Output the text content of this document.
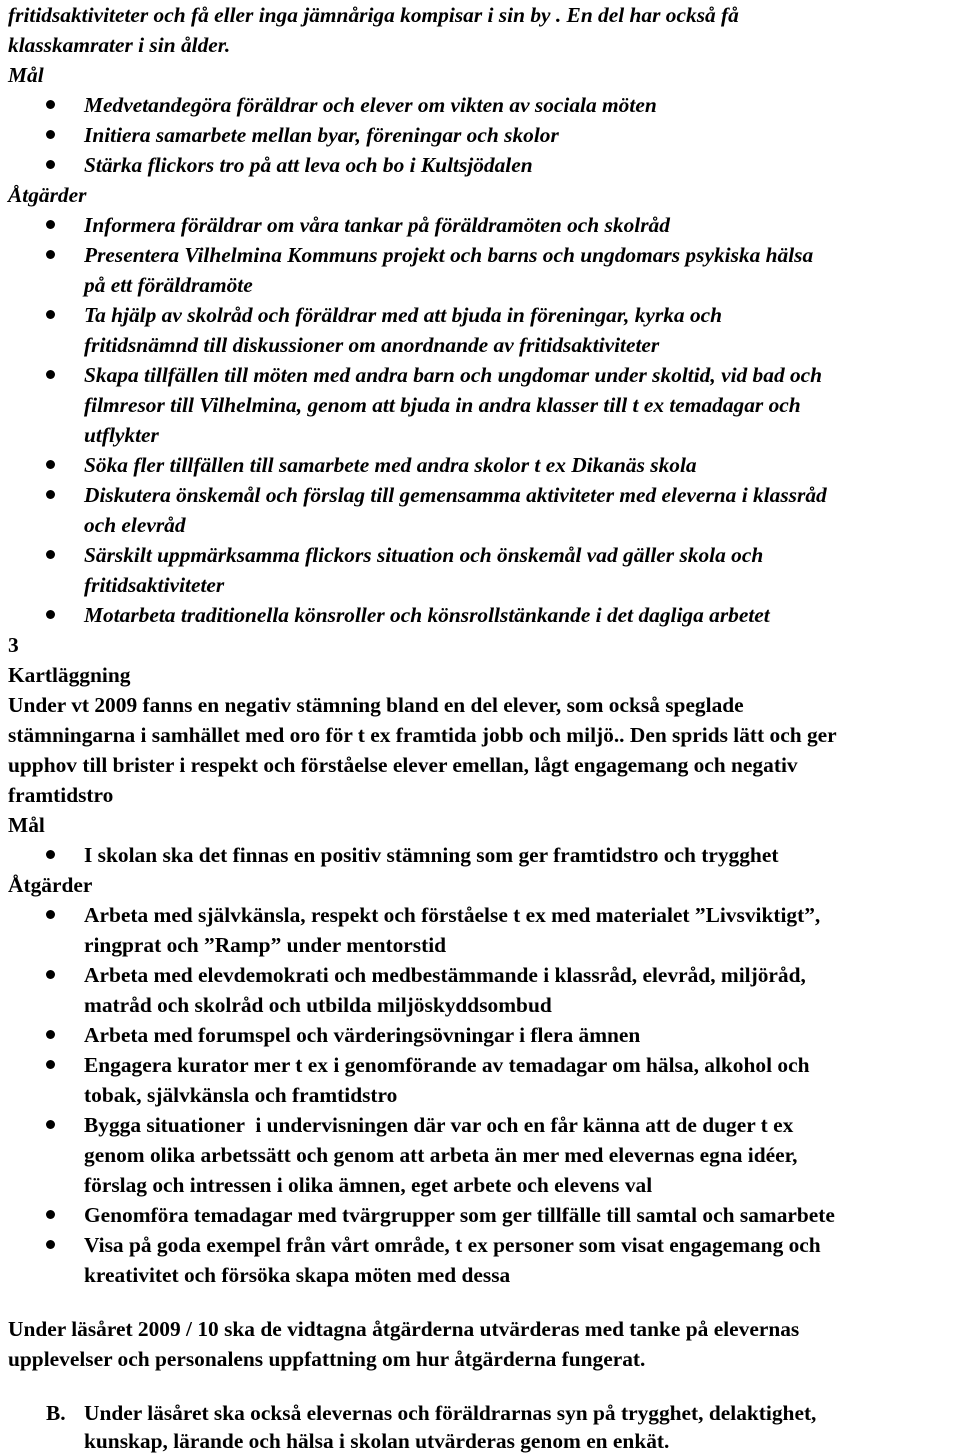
fritidsaktiviteter och få eller inga jämnåriga kompisar i sin by . En del har också få
klasskamrater i sin ålder.
Mål
Medvetandegöra föräldrar och elever om vikten av sociala möten
Initiera samarbete mellan byar, föreningar och skolor
Stärka flickors tro på att leva och bo i Kultsjödalen
Åtgärder
Informera föräldrar om våra tankar på föräldramöten och skolråd
Presentera Vilhelmina Kommuns projekt och barns och ungdomars psykiska hälsa
på ett föräldramöte
Ta hjälp av skolråd och föräldrar med att bjuda in föreningar, kyrka och
fritidsnämnd till diskussioner om anordnande av fritidsaktiviteter
Skapa tillfällen till möten med andra barn och ungdomar under skoltid, vid bad och
filmresor till Vilhelmina, genom att bjuda in andra klasser till t ex temadagar och
utflykter
Söka fler tillfällen till samarbete med andra skolor t ex Dikanäs skola
Diskutera önskemål och förslag till gemensamma aktiviteter med eleverna i klassråd
och elevråd
Särskilt uppmärksamma flickors situation och önskemål vad gäller skola och
fritidsaktiviteter
Motarbeta traditionella könsroller och könsrollstänkande i det dagliga arbetet
3
Kartläggning
Under vt 2009 fanns en negativ stämning bland en del elever, som också speglade
stämningarna i samhället med oro för t ex framtida jobb och miljö.. Den sprids lätt och ger
upphov till brister i respekt och förståelse elever emellan, lågt engagemang och negativ
framtidstro
Mål
I skolan ska det finnas en positiv stämning som ger framtidstro och trygghet
Åtgärder
Arbeta med självkänsla, respekt och förståelse t ex med materialet ”Livsviktigt”,
ringprat och ”Ramp” under mentorstid
Arbeta med elevdemokrati och medbestämmande i klassråd, elevråd, miljöråd,
matråd och skolråd och utbilda miljöskyddsombud
Arbeta med forumspel och värderingsövningar i flera ämnen
Engagera kurator mer t ex i genomförande av temadagar om hälsa, alkohol och
tobak, självkänsla och framtidstro
Bygga situationer  i undervisningen där var och en får känna att de duger t ex
genom olika arbetssätt och genom att arbeta än mer med elevernas egna idéer,
förslag och intressen i olika ämnen, eget arbete och elevens val
Genomföra temadagar med tvärgrupper som ger tillfälle till samtal och samarbete
Visa på goda exempel från vårt område, t ex personer som visat engagemang och
kreativitet och försöka skapa möten med dessa
Under läsåret 2009 / 10 ska de vidtagna åtgärderna utvärderas med tanke på elevernas
upplevelser och personalens uppfattning om hur åtgärderna fungerat.
B. Under läsåret ska också elevernas och föräldrarnas syn på trygghet, delaktighet,
kunskap, lärande och hälsa i skolan utvärderas genom en enkät.
